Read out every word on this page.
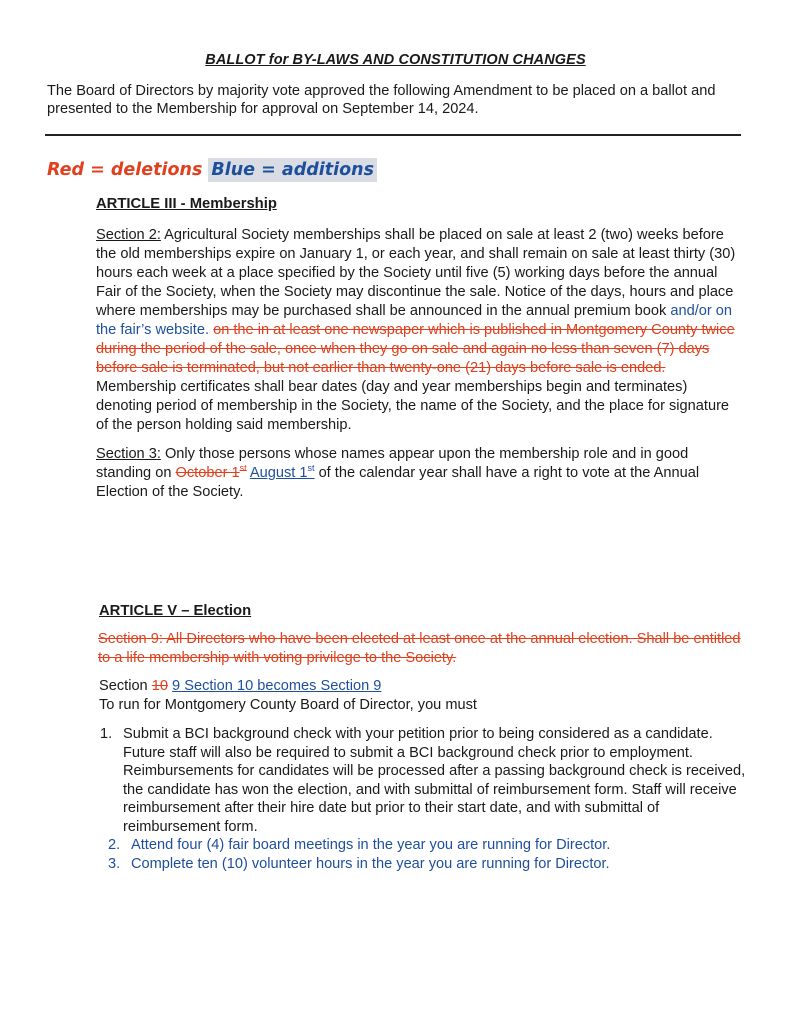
BALLOT for BY-LAWS AND CONSTITUTION CHANGES
The Board of Directors by majority vote approved the following Amendment to be placed on a ballot and presented to the Membership for approval on September 14, 2024.
Red = deletions Blue = additions
ARTICLE III - Membership
Section 2: Agricultural Society memberships shall be placed on sale at least 2 (two) weeks before the old memberships expire on January 1, or each year, and shall remain on sale at least thirty (30) hours each week at a place specified by the Society until five (5) working days before the annual Fair of the Society, when the Society may discontinue the sale. Notice of the days, hours and place where memberships may be purchased shall be announced in the annual premium book and/or on the fair’s website. on the in at least one newspaper which is published in Montgomery County twice during the period of the sale, once when they go on sale and again no less than seven (7) days before sale is terminated, but not earlier than twenty-one (21) days before sale is ended. Membership certificates shall bear dates (day and year memberships begin and terminates) denoting period of membership in the Society, the name of the Society, and the place for signature of the person holding said membership.
Section 3: Only those persons whose names appear upon the membership role and in good standing on October 1st August 1st of the calendar year shall have a right to vote at the Annual Election of the Society.
ARTICLE V – Election
Section 9: All Directors who have been elected at least once at the annual election. Shall be entitled to a life membership with voting privilege to the Society.
Section 10 9 Section 10 becomes Section 9
To run for Montgomery County Board of Director, you must
1. Submit a BCI background check with your petition prior to being considered as a candidate. Future staff will also be required to submit a BCI background check prior to employment. Reimbursements for candidates will be processed after a passing background check is received, the candidate has won the election, and with submittal of reimbursement form. Staff will receive reimbursement after their hire date but prior to their start date, and with submittal of reimbursement form.
2. Attend four (4) fair board meetings in the year you are running for Director.
3. Complete ten (10) volunteer hours in the year you are running for Director.
